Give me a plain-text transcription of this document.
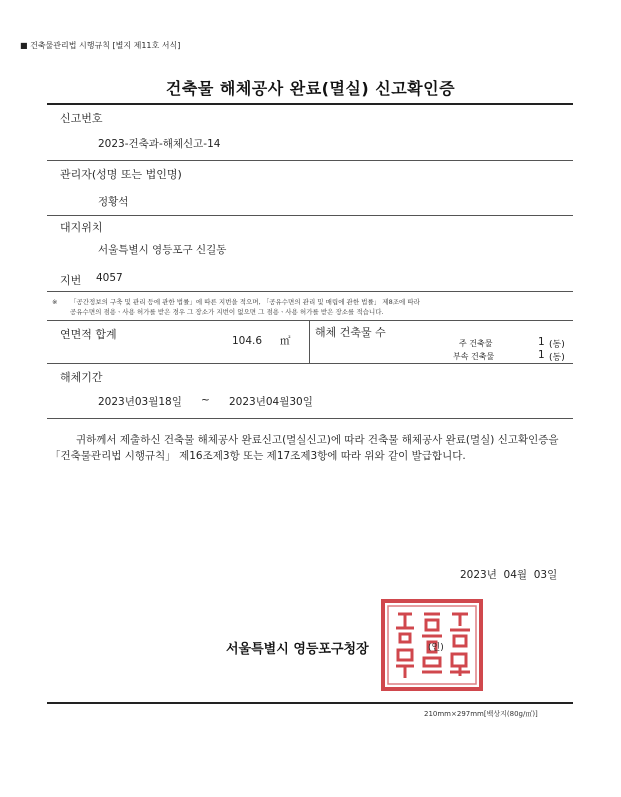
■ 건축물관리법 시행규칙 [별지 제11호 서식]
건축물 해체공사 완료(멸실) 신고확인증
신고번호
2023-건축과-해체신고-14
관리자(성명 또는 법인명)
정황석
대지위치
서울특별시 영등포구 신길동
지번 4057
※ 「공간정보의 구축 및 관리 등에 관한 법률」에 따른 지번을 적으며, 「공유수면의 관리 및 매립에 관한 법률」 제8조에 따라
공유수면의 점용ㆍ사용 허가를 받은 경우 그 장소가 지번이 없으면 그 점용ㆍ사용 허가를 받은 장소를 적습니다.
연면적 합계	104.6 ㎡
해체 건축물 수
주 건축물	1 (동)
부속 건축물	1 (동)
해체기간
2023년03월18일 ~ 2023년04월30일
귀하께서 제출하신 건축물 해체공사 완료신고(멸실신고)에 따라 건축물 해체공사 완료(멸실) 신고확인증을 「건축물관리법 시행규칙」 제16조제3항 또는 제17조제3항에 따라 위와 같이 발급합니다.
2023년  04월  03일
서울특별시 영등포구청장	(인)
210mm×297mm[백상지(80g/㎡)]
